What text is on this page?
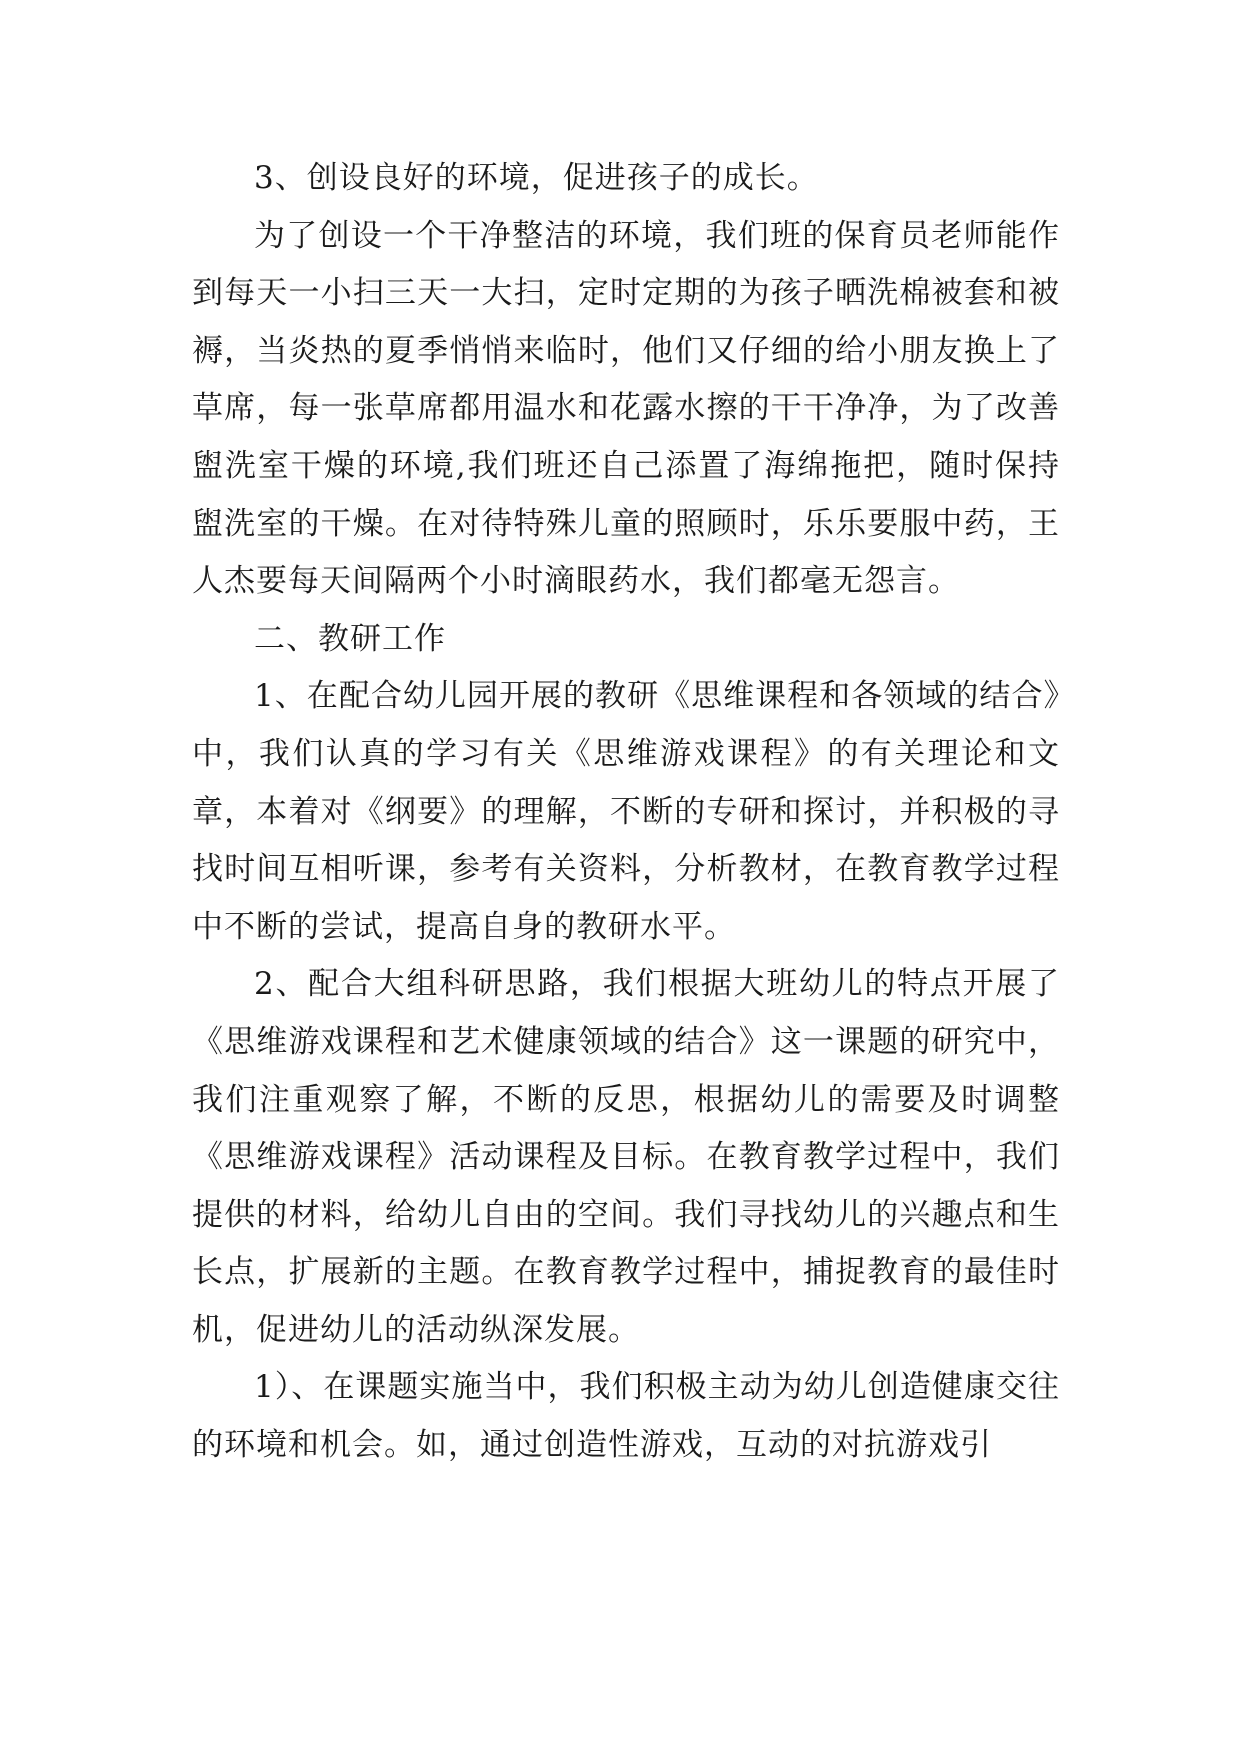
3、创设良好的环境，促进孩子的成长。

为了创设一个干净整洁的环境，我们班的保育员老师能作到每天一小扫三天一大扫，定时定期的为孩子晒洗棉被套和被褥，当炎热的夏季悄悄来临时，他们又仔细的给小朋友换上了草席，每一张草席都用温水和花露水擦的干干净净，为了改善盥洗室干燥的环境,我们班还自己添置了海绵拖把，随时保持盥洗室的干燥。在对待特殊儿童的照顾时，乐乐要服中药，王人杰要每天间隔两个小时滴眼药水，我们都毫无怨言。

二、教研工作

1、在配合幼儿园开展的教研《思维课程和各领域的结合》中，我们认真的学习有关《思维游戏课程》的有关理论和文章，本着对《纲要》的理解，不断的专研和探讨，并积极的寻找时间互相听课，参考有关资料，分析教材，在教育教学过程中不断的尝试，提高自身的教研水平。

2、配合大组科研思路，我们根据大班幼儿的特点开展了《思维游戏课程和艺术健康领域的结合》这一课题的研究中，我们注重观察了解，不断的反思，根据幼儿的需要及时调整《思维游戏课程》活动课程及目标。在教育教学过程中，我们提供的材料，给幼儿自由的空间。我们寻找幼儿的兴趣点和生长点，扩展新的主题。在教育教学过程中，捕捉教育的最佳时机，促进幼儿的活动纵深发展。

1）、在课题实施当中，我们积极主动为幼儿创造健康交往的环境和机会。如，通过创造性游戏，互动的对抗游戏引
